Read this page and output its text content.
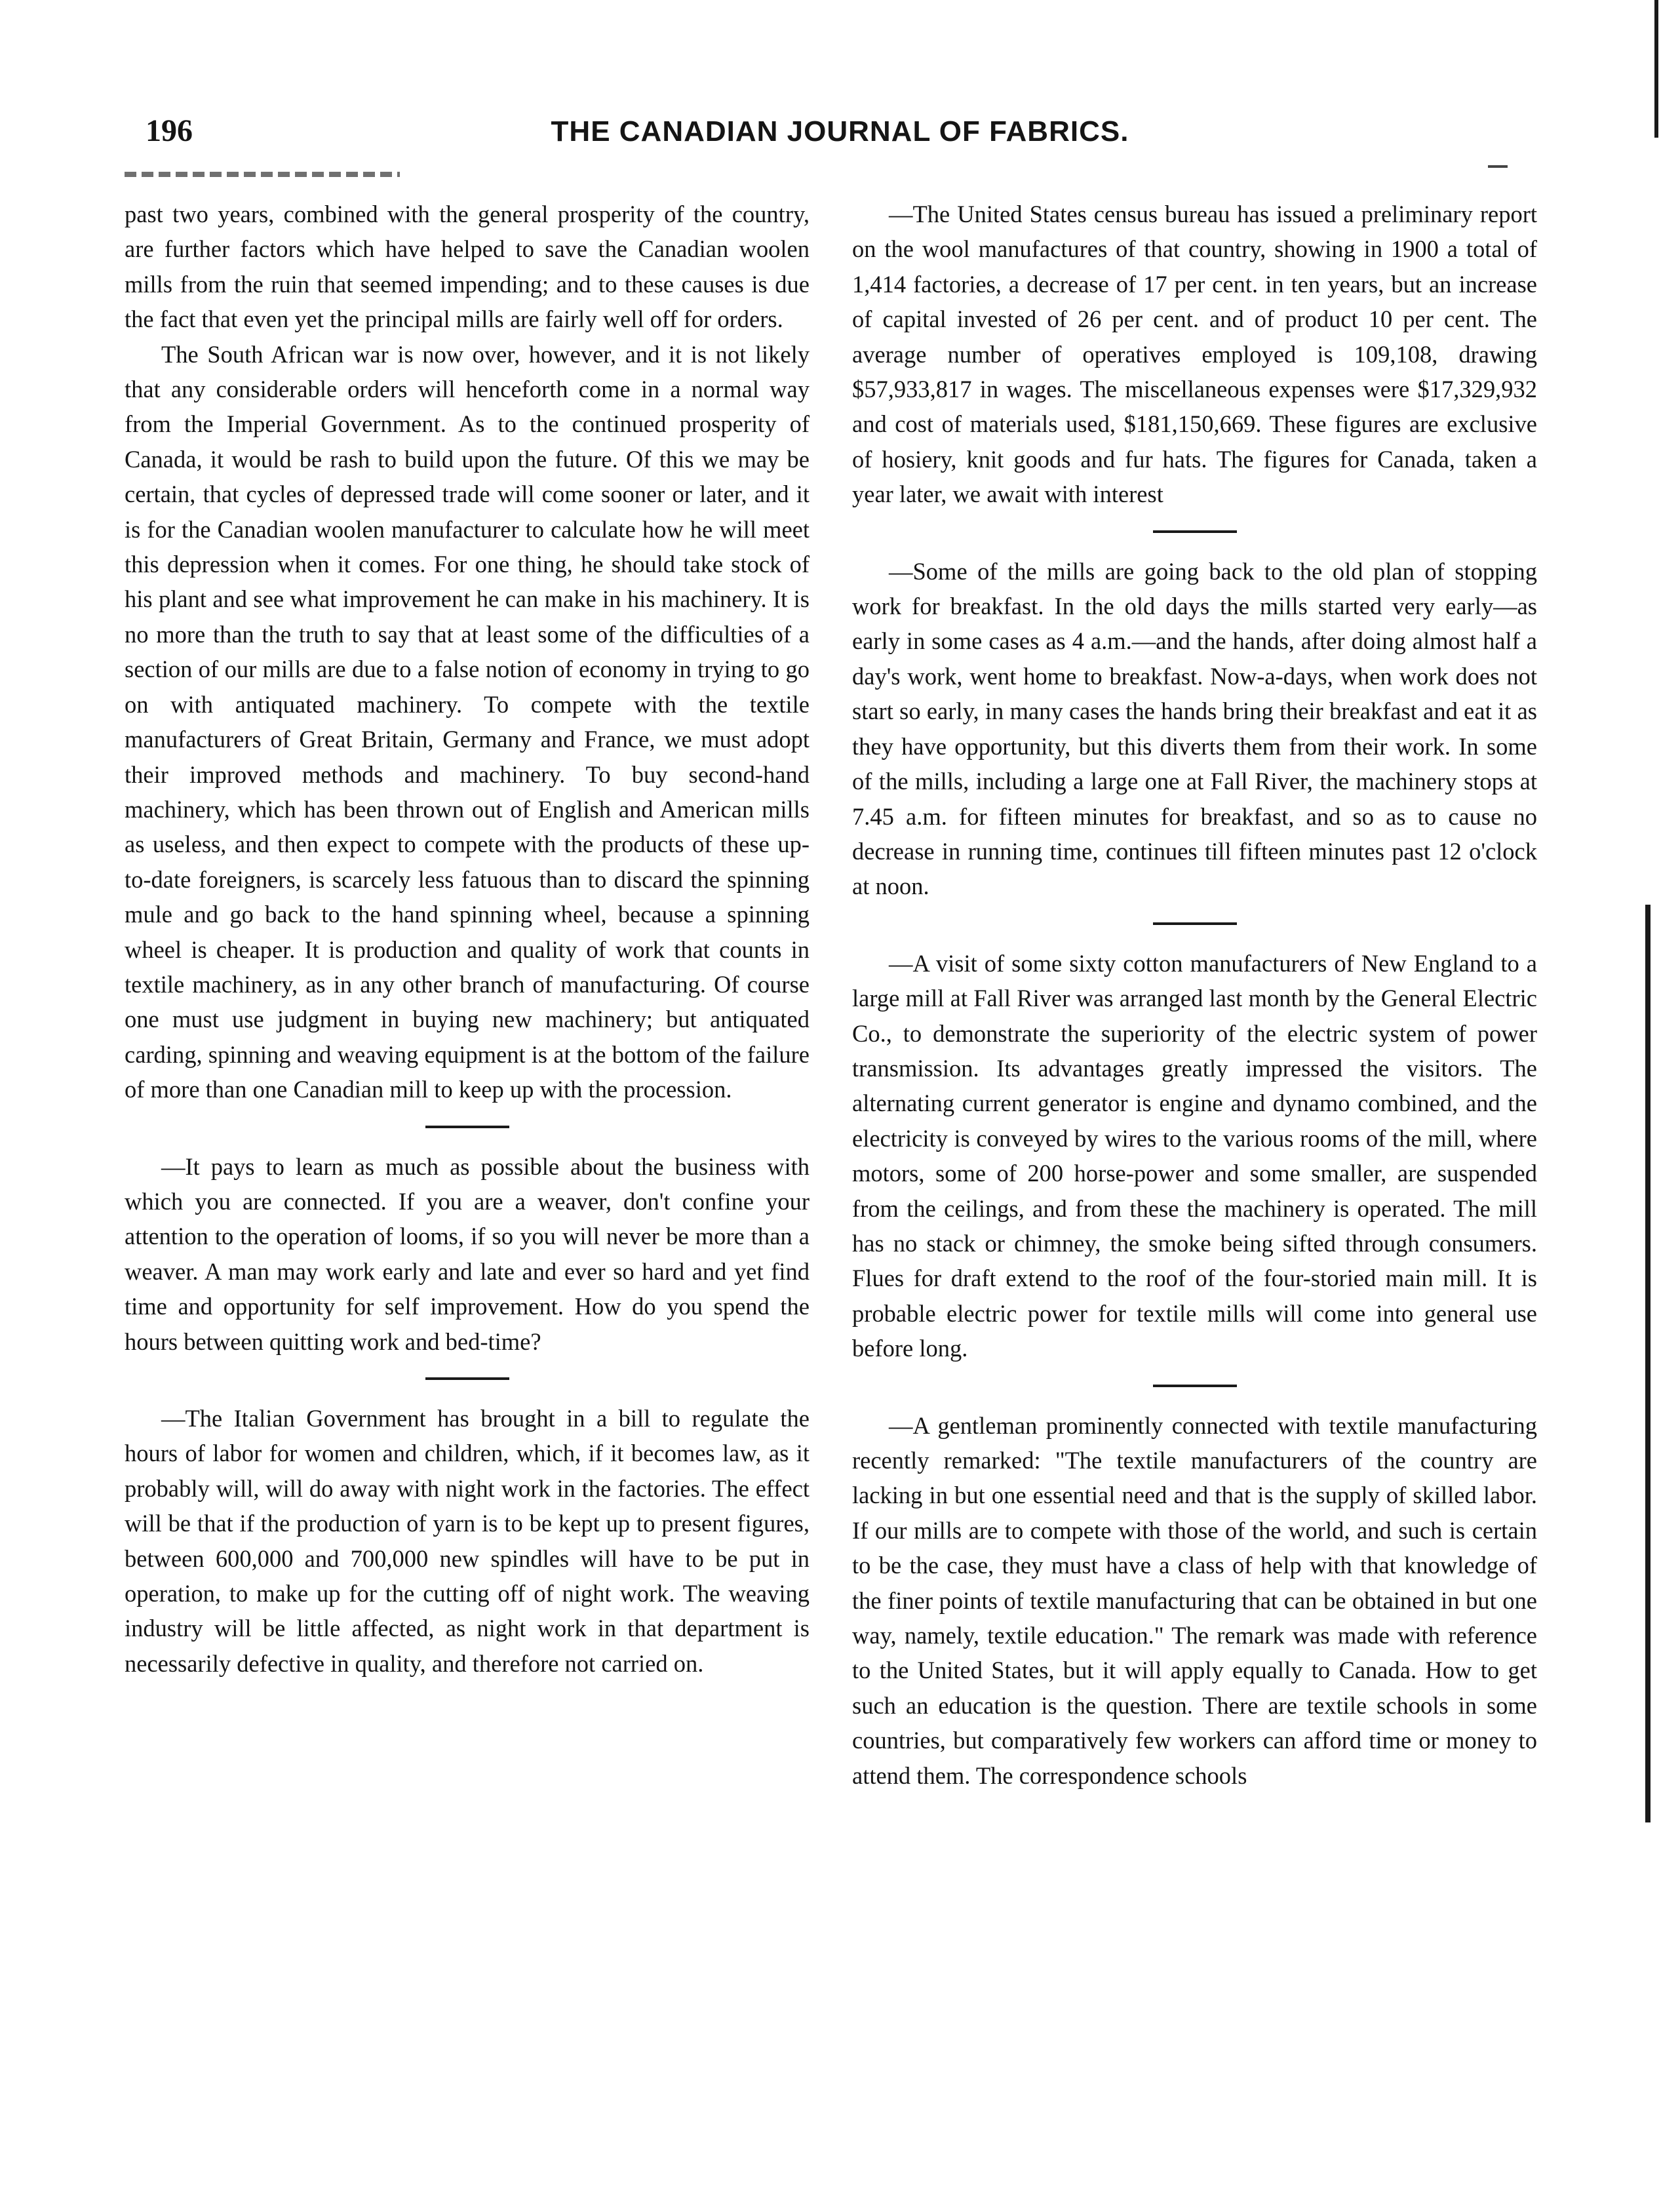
196	THE CANADIAN JOURNAL OF FABRICS.

past two years, combined with the general prosperity of the country, are further factors which have helped to save the Canadian woolen mills from the ruin that seemed impending; and to these causes is due the fact that even yet the principal mills are fairly well off for orders.

The South African war is now over, however, and it is not likely that any considerable orders will henceforth come in a normal way from the Imperial Government. As to the continued prosperity of Canada, it would be rash to build upon the future. Of this we may be certain, that cycles of depressed trade will come sooner or later, and it is for the Canadian woolen manufacturer to calculate how he will meet this depression when it comes. For one thing, he should take stock of his plant and see what improvement he can make in his machinery. It is no more than the truth to say that at least some of the difficulties of a section of our mills are due to a false notion of economy in trying to go on with antiquated machinery. To compete with the textile manufacturers of Great Britain, Germany and France, we must adopt their improved methods and machinery. To buy second-hand machinery, which has been thrown out of English and American mills as useless, and then expect to compete with the products of these up-to-date foreigners, is scarcely less fatuous than to discard the spinning mule and go back to the hand spinning wheel, because a spinning wheel is cheaper. It is production and quality of work that counts in textile machinery, as in any other branch of manufacturing. Of course one must use judgment in buying new machinery; but antiquated carding, spinning and weaving equipment is at the bottom of the failure of more than one Canadian mill to keep up with the procession.

—It pays to learn as much as possible about the business with which you are connected. If you are a weaver, don't confine your attention to the operation of looms, if so you will never be more than a weaver. A man may work early and late and ever so hard and yet find time and opportunity for self improvement. How do you spend the hours between quitting work and bed-time?

—The Italian Government has brought in a bill to regulate the hours of labor for women and children, which, if it becomes law, as it probably will, will do away with night work in the factories. The effect will be that if the production of yarn is to be kept up to present figures, between 600,000 and 700,000 new spindles will have to be put in operation, to make up for the cutting off of night work. The weaving industry will be little affected, as night work in that department is necessarily defective in quality, and therefore not carried on.

—The United States census bureau has issued a preliminary report on the wool manufactures of that country, showing in 1900 a total of 1,414 factories, a decrease of 17 per cent. in ten years, but an increase of capital invested of 26 per cent. and of product 10 per cent. The average number of operatives employed is 109,108, drawing $57,933,817 in wages. The miscellaneous expenses were $17,329,932 and cost of materials used, $181,150,669. These figures are exclusive of hosiery, knit goods and fur hats. The figures for Canada, taken a year later, we await with interest

—Some of the mills are going back to the old plan of stopping work for breakfast. In the old days the mills started very early—as early in some cases as 4 a.m.—and the hands, after doing almost half a day's work, went home to breakfast. Now-a-days, when work does not start so early, in many cases the hands bring their breakfast and eat it as they have opportunity, but this diverts them from their work. In some of the mills, including a large one at Fall River, the machinery stops at 7.45 a.m. for fifteen minutes for breakfast, and so as to cause no decrease in running time, continues till fifteen minutes past 12 o'clock at noon.

—A visit of some sixty cotton manufacturers of New England to a large mill at Fall River was arranged last month by the General Electric Co., to demonstrate the superiority of the electric system of power transmission. Its advantages greatly impressed the visitors. The alternating current generator is engine and dynamo combined, and the electricity is conveyed by wires to the various rooms of the mill, where motors, some of 200 horse-power and some smaller, are suspended from the ceilings, and from these the machinery is operated. The mill has no stack or chimney, the smoke being sifted through consumers. Flues for draft extend to the roof of the four-storied main mill. It is probable electric power for textile mills will come into general use before long.

—A gentleman prominently connected with textile manufacturing recently remarked: "The textile manufacturers of the country are lacking in but one essential need and that is the supply of skilled labor. If our mills are to compete with those of the world, and such is certain to be the case, they must have a class of help with that knowledge of the finer points of textile manufacturing that can be obtained in but one way, namely, textile education." The remark was made with reference to the United States, but it will apply equally to Canada. How to get such an education is the question. There are textile schools in some countries, but comparatively few workers can afford time or money to attend them. The correspondence schools
